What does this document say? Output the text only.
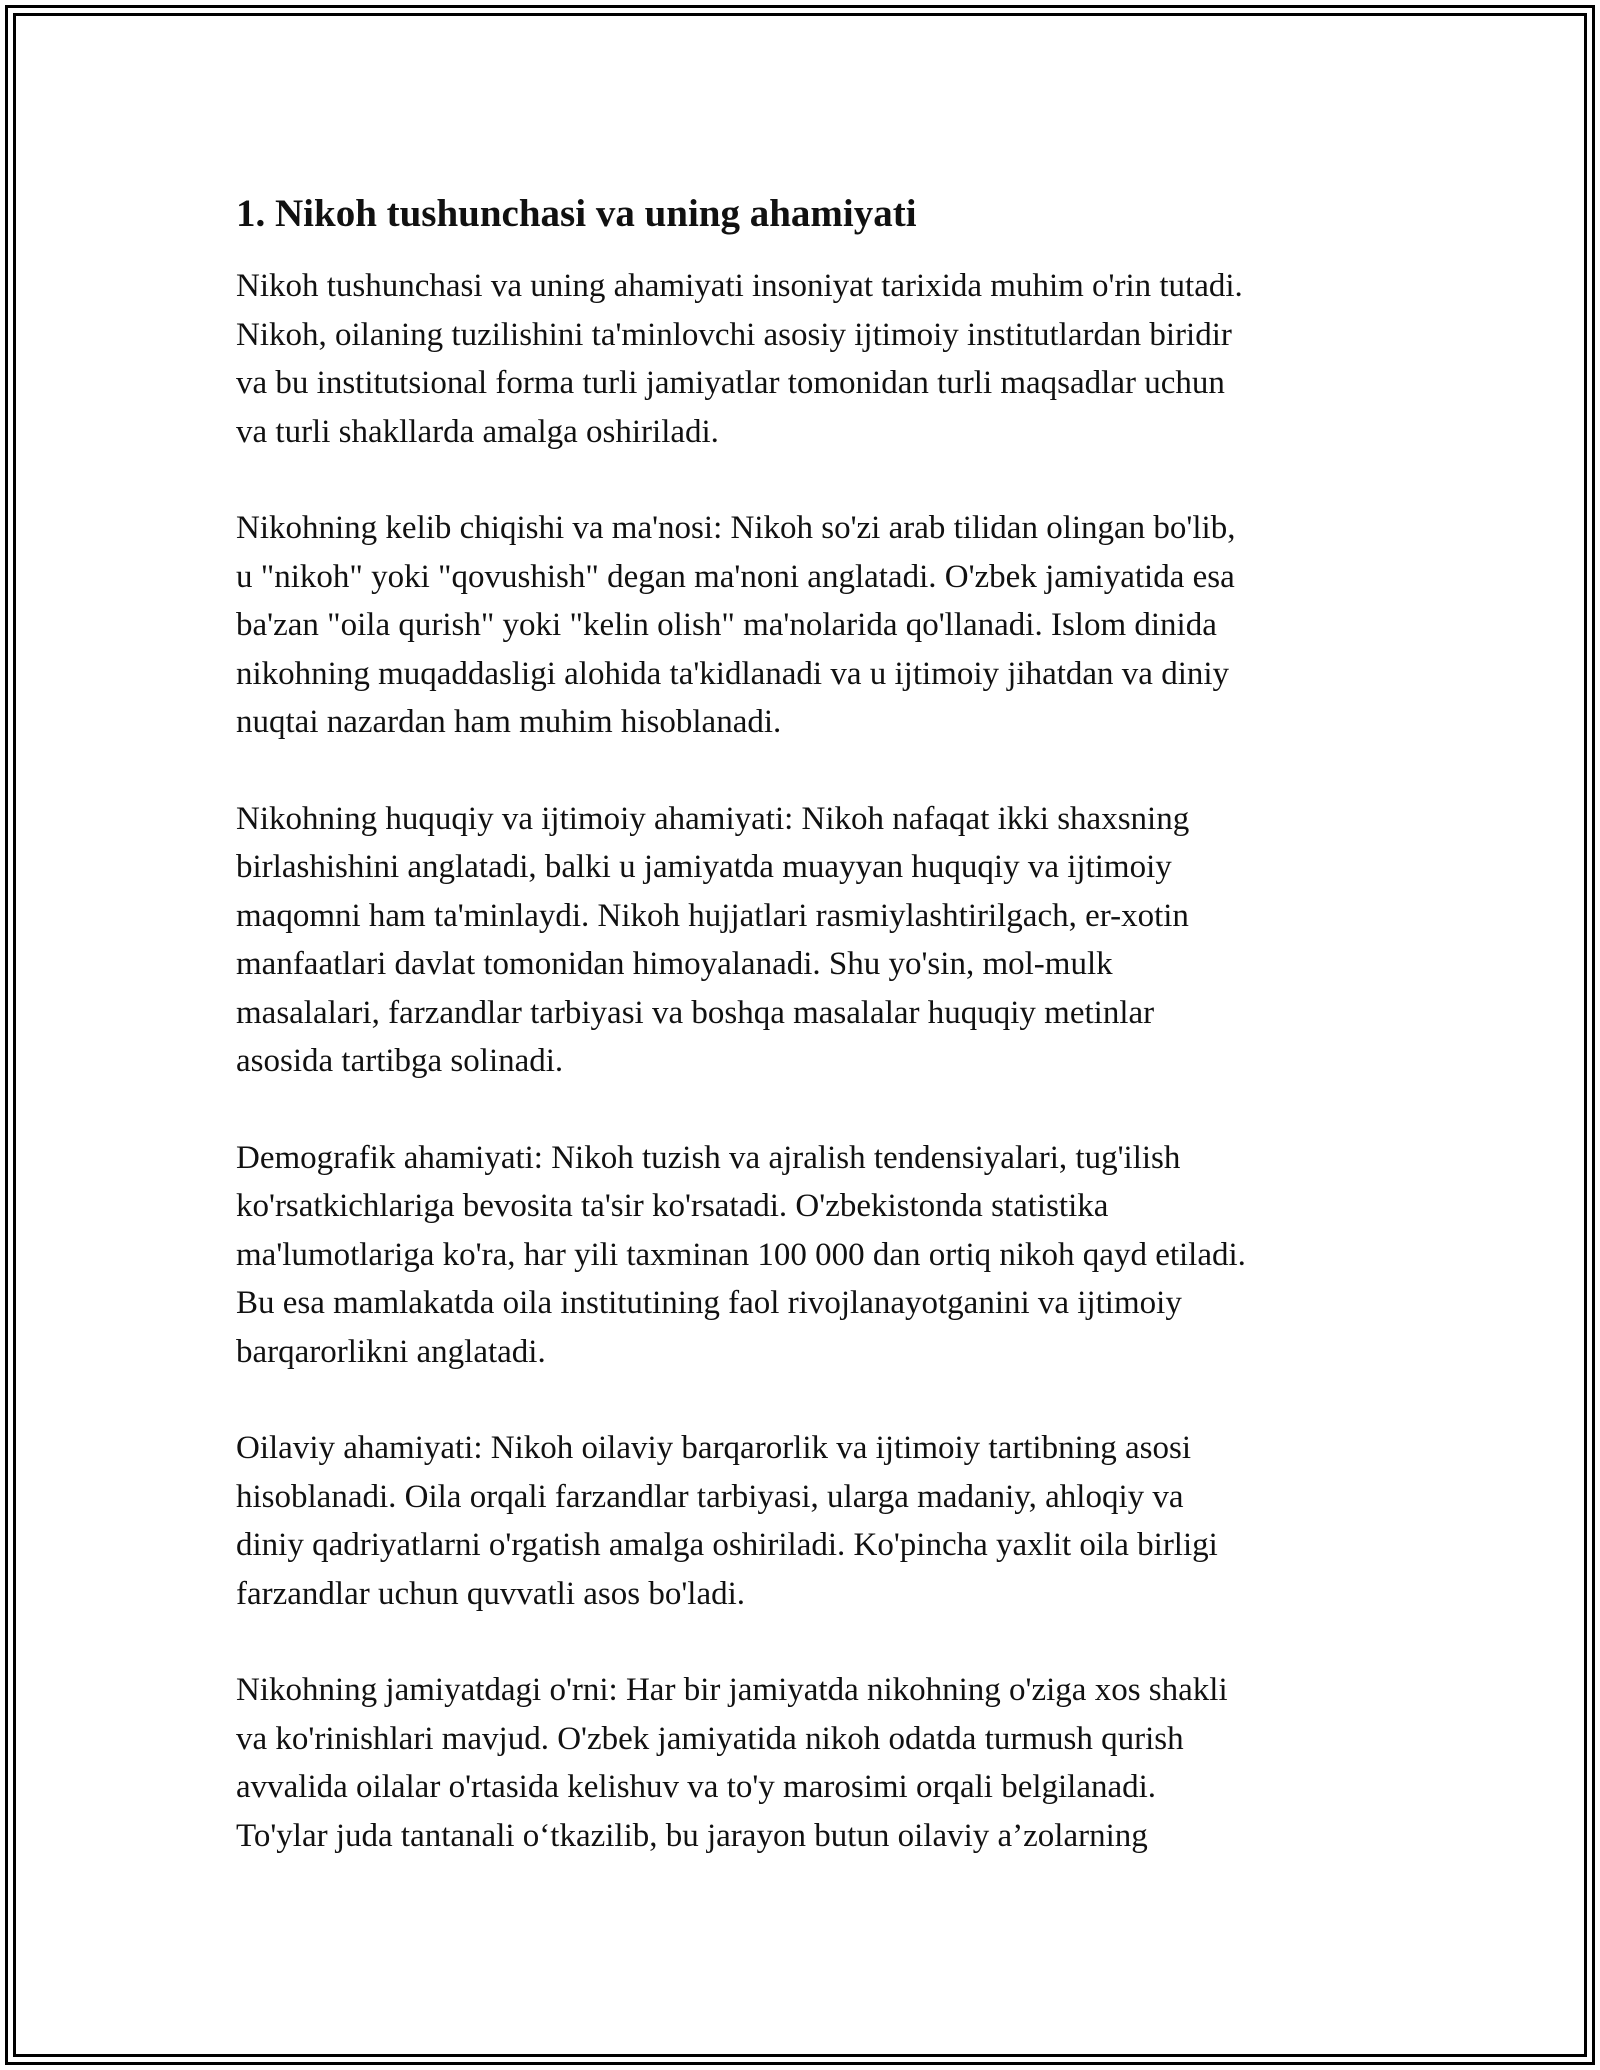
1. Nikoh tushunchasi va uning ahamiyati

Nikoh tushunchasi va uning ahamiyati insoniyat tarixida muhim o'rin tutadi.
Nikoh, oilaning tuzilishini ta'minlovchi asosiy ijtimoiy institutlardan biridir
va bu institutsional forma turli jamiyatlar tomonidan turli maqsadlar uchun
va turli shakllarda amalga oshiriladi.

Nikohning kelib chiqishi va ma'nosi: Nikoh so'zi arab tilidan olingan bo'lib,
u "nikoh" yoki "qovushish" degan ma'noni anglatadi. O'zbek jamiyatida esa
ba'zan "oila qurish" yoki "kelin olish" ma'nolarida qo'llanadi. Islom dinida
nikohning muqaddasligi alohida ta'kidlanadi va u ijtimoiy jihatdan va diniy
nuqtai nazardan ham muhim hisoblanadi.

Nikohning huquqiy va ijtimoiy ahamiyati: Nikoh nafaqat ikki shaxsning
birlashishini anglatadi, balki u jamiyatda muayyan huquqiy va ijtimoiy
maqomni ham ta'minlaydi. Nikoh hujjatlari rasmiylashtirilgach, er-xotin
manfaatlari davlat tomonidan himoyalanadi. Shu yo'sin, mol-mulk
masalalari, farzandlar tarbiyasi va boshqa masalalar huquqiy metinlar
asosida tartibga solinadi.

Demografik ahamiyati: Nikoh tuzish va ajralish tendensiyalari, tug'ilish
ko'rsatkichlariga bevosita ta'sir ko'rsatadi. O'zbekistonda statistika
ma'lumotlariga ko'ra, har yili taxminan 100 000 dan ortiq nikoh qayd etiladi.
Bu esa mamlakatda oila institutining faol rivojlanayotganini va ijtimoiy
barqarorlikni anglatadi.

Oilaviy ahamiyati: Nikoh oilaviy barqarorlik va ijtimoiy tartibning asosi
hisoblanadi. Oila orqali farzandlar tarbiyasi, ularga madaniy, ahloqiy va
diniy qadriyatlarni o'rgatish amalga oshiriladi. Ko'pincha yaxlit oila birligi
farzandlar uchun quvvatli asos bo'ladi.

Nikohning jamiyatdagi o'rni: Har bir jamiyatda nikohning o'ziga xos shakli
va ko'rinishlari mavjud. O'zbek jamiyatida nikoh odatda turmush qurish
avvalida oilalar o'rtasida kelishuv va to'y marosimi orqali belgilanadi.
To'ylar juda tantanali o‘tkazilib, bu jarayon butun oilaviy a’zolarning
